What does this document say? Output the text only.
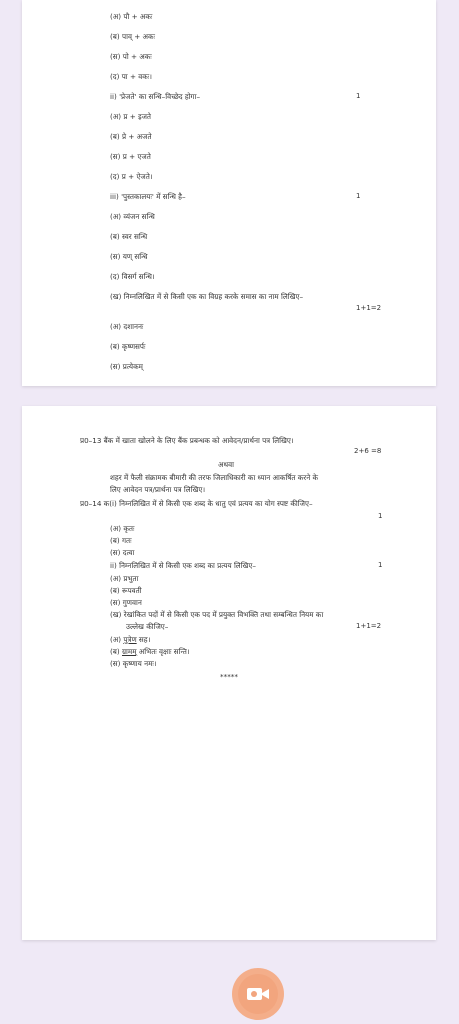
(अ) पौ + अकः
(ब) पाव् + अकः
(स) पो + अकः
(द) पा + वकः।
ii) 'प्रेजते' का सन्धि–विच्छेद होगा–	1
(अ) प्र + इजते
(ब) प्रे + अजते
(स) प्र + एजते
(द) प्र + ऐजते।
iii) 'पुस्तकालयः' में सन्धि है–	1
(अ) व्यंजन सन्धि
(ब) स्वर सन्धि
(स) यण् सन्धि
(द) विसर्ग सन्धि।
(ख) निम्नलिखित में से किसी एक का विग्रह करके समास का नाम लिखिए–
1+1=2
(अ) दशाननः
(ब) कृष्णसर्पः
(स) प्रत्येकम्
प्र0–13 बैंक में खाता खोलने के लिए बैंक प्रबन्धक को आवेदन/प्रार्थना पत्र लिखिए।
2+6 =8
अथवा
शहर में फैली संक्रामक बीमारी की तरफ जिलाधिकारी का ध्यान आकर्षित करने के
लिए आवेदन पत्र/प्रार्थना पत्र लिखिए।
प्र0–14 क(i) निम्नलिखित में से किसी एक शब्द के धातु एवं प्रत्यय का योग स्पष्ट कीजिए–
1
(अ) कृतः
(ब) गतः
(स) दत्वा
ii) निम्नलिखित में से किसी एक शब्द का प्रत्यय लिखिए–	1
(अ) प्रभुता
(ब) रूपवती
(स) गुणवान
(ख) रेखांकित पदों में से किसी एक पद में प्रयुक्त विभक्ति तथा सम्बन्धित नियम का
उल्लेख कीजिए–	1+1=2
(अ) पुत्रेण सह।
(ब) ग्रामम् अभितः वृक्षाः सन्ति।
(स) कृष्णाय नमः।
*****
